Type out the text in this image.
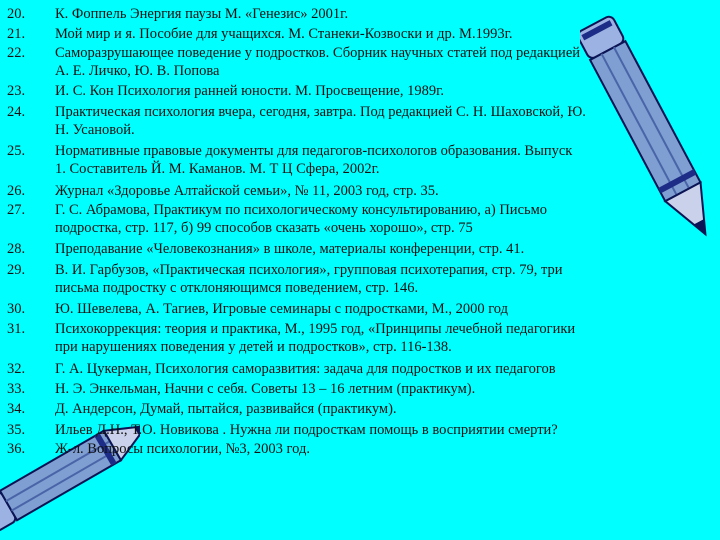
20. К. Фоппель Энергия паузы М. «Генезис» 2001г.
21. Мой мир и я. Пособие для учащихся. М. Станеки-Козвоски и др. М.1993г.
22. Саморазрушающее поведение у подростков. Сборник научных статей под редакцией
А. Е. Личко, Ю. В. Попова
23. И. С. Кон Психология ранней юности. М. Просвещение, 1989г.
24. Практическая психология вчера, сегодня, завтра. Под редакцией С. Н. Шаховской, Ю.
Н. Усановой.
25. Нормативные правовые документы для педагогов-психологов образования. Выпуск
1. Составитель Й. М. Каманов. М. Т Ц Сфера, 2002г.
26. Журнал «Здоровье Алтайской семьи», № 11, 2003 год, стр. 35.
27. Г. С. Абрамова, Практикум по психологическому консультированию, а) Письмо
подростка, стр. 117, б) 99 способов сказать «очень хорошо», стр. 75
28. Преподавание «Человекознания» в школе, материалы конференции, стр. 41.
29. В. И. Гарбузов, «Практическая психология», групповая психотерапия, стр. 79, три
письма подростку с отклоняющимся поведением, стр. 146.
30. Ю. Шевелева, А. Тагиев, Игровые семинары с подростками, М., 2000 год
31. Психокоррекция: теория и практика, М., 1995 год, «Принципы лечебной педагогики
при нарушениях поведения у детей и подростков», стр. 116-138.
32. Г. А. Цукерман, Психология саморазвития: задача для подростков и их педагогов
33. Н. Э. Энкельман, Начни с себя. Советы 13 – 16 летним (практикум).
34. Д. Андерсон, Думай, пытайся, развивайся (практикум).
35. Ильев Д.Н., Т.О. Новикова . Нужна ли подросткам помощь в восприятии смерти?
36. Ж-л. Вопросы психологии, №3, 2003 год.
